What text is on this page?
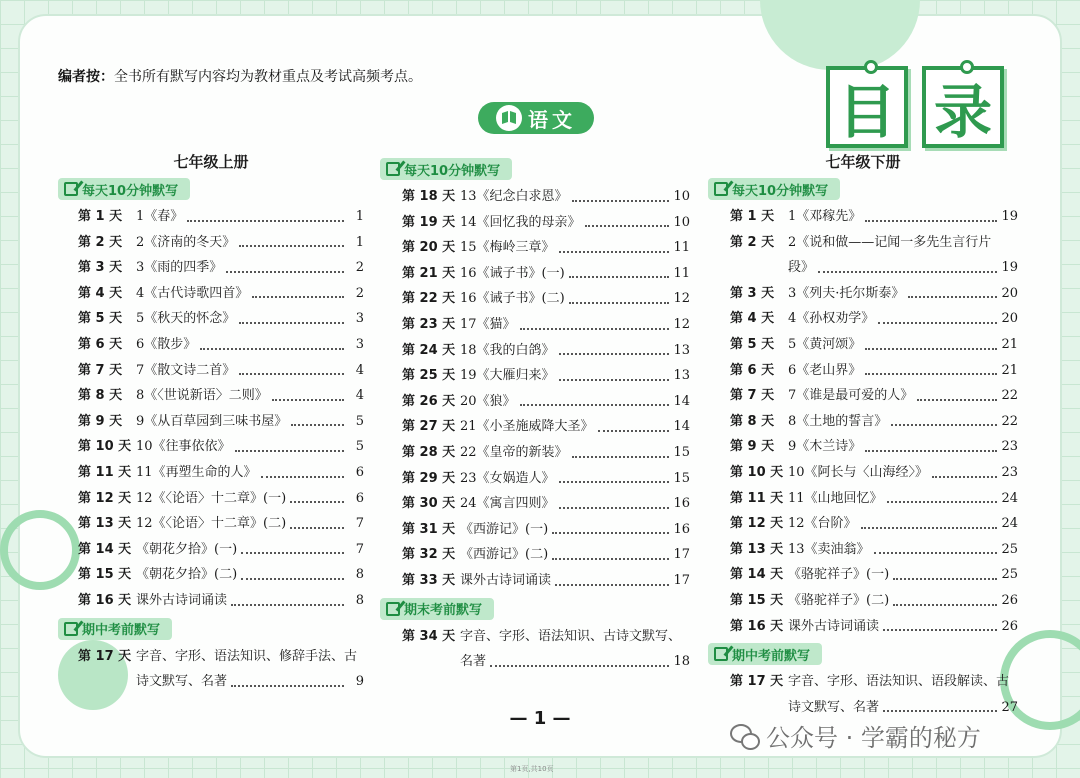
编者按：全书所有默写内容均为教材重点及考试高频考点。
语文	目 录
七年级上册
每天10分钟默写
第 1 天	1《春》	1
第 2 天	2《济南的冬天》	1
第 3 天	3《雨的四季》	2
第 4 天	4《古代诗歌四首》	2
第 5 天	5《秋天的怀念》	3
第 6 天	6《散步》	3
第 7 天	7《散文诗二首》	4
第 8 天	8《〈世说新语〉二则》	4
第 9 天	9《从百草园到三味书屋》	5
第 10 天 10《往事依依》	5
第 11 天 11《再塑生命的人》	6
第 12 天 12《〈论语〉十二章》(一)	6
第 13 天 12《〈论语〉十二章》(二)	7
第 14 天 《朝花夕拾》(一)	7
第 15 天 《朝花夕拾》(二)	8
第 16 天 课外古诗词诵读	8
期中考前默写
第 17 天 字音、字形、语法知识、修辞手法、古
诗文默写、名著	9
每天10分钟默写
第 18 天 13《纪念白求恩》	10
第 19 天 14《回忆我的母亲》	10
第 20 天 15《梅岭三章》	11
第 21 天 16《诫子书》(一)	11
第 22 天 16《诫子书》(二)	12
第 23 天 17《猫》	12
第 24 天 18《我的白鸽》	13
第 25 天 19《大雁归来》	13
第 26 天 20《狼》	14
第 27 天 21《小圣施威降大圣》	14
第 28 天 22《皇帝的新装》	15
第 29 天 23《女娲造人》	15
第 30 天 24《寓言四则》	16
第 31 天 《西游记》(一)	16
第 32 天 《西游记》(二)	17
第 33 天 课外古诗词诵读	17
期末考前默写
第 34 天 字音、字形、语法知识、古诗文默写、
名著	18
七年级下册
每天10分钟默写
第 1 天	1《邓稼先》	19
第 2 天	2《说和做——记闻一多先生言行片
段》	19
第 3 天	3《列夫·托尔斯泰》	20
第 4 天	4《孙权劝学》	20
第 5 天	5《黄河颂》	21
第 6 天	6《老山界》	21
第 7 天	7《谁是最可爱的人》	22
第 8 天	8《土地的誓言》	22
第 9 天	9《木兰诗》	23
第 10 天 10《阿长与〈山海经〉》	23
第 11 天 11《山地回忆》	24
第 12 天 12《台阶》	24
第 13 天 13《卖油翁》	25
第 14 天 《骆驼祥子》(一)	25
第 15 天 《骆驼祥子》(二)	26
第 16 天 课外古诗词诵读	26
期中考前默写
第 17 天 字音、字形、语法知识、语段解读、古
诗文默写、名著	27
— 1 —
公众号 · 学霸的秘方
第1页,共10页
